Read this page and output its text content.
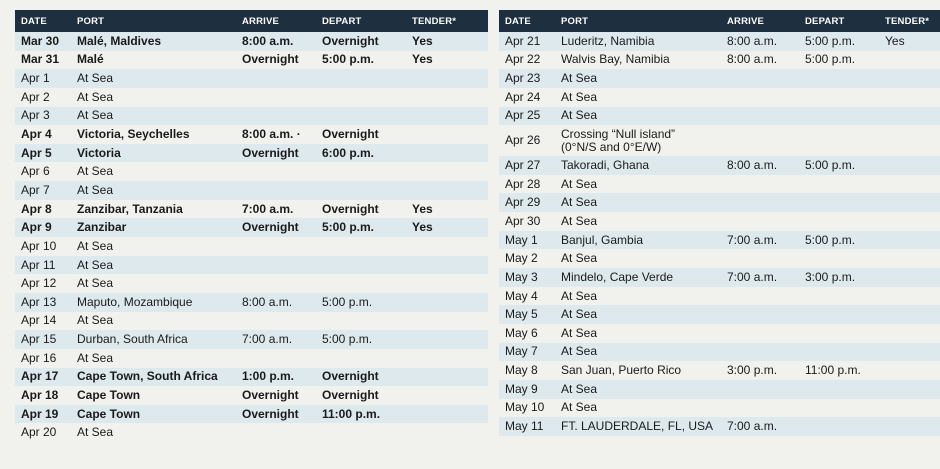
DATE	PORT	ARRIVE	DEPART	TENDER*
Mar 30	Malé, Maldives	8:00 a.m.	Overnight	Yes
Mar 31	Malé	Overnight	5:00 p.m.	Yes
Apr 1	At Sea			
Apr 2	At Sea			
Apr 3	At Sea			
Apr 4	Victoria, Seychelles	8:00 a.m. ·	Overnight	
Apr 5	Victoria	Overnight	6:00 p.m.	
Apr 6	At Sea			
Apr 7	At Sea			
Apr 8	Zanzibar, Tanzania	7:00 a.m.	Overnight	Yes
Apr 9	Zanzibar	Overnight	5:00 p.m.	Yes
Apr 10	At Sea			
Apr 11	At Sea			
Apr 12	At Sea			
Apr 13	Maputo, Mozambique	8:00 a.m.	5:00 p.m.	
Apr 14	At Sea			
Apr 15	Durban, South Africa	7:00 a.m.	5:00 p.m.	
Apr 16	At Sea			
Apr 17	Cape Town, South Africa	1:00 p.m.	Overnight	
Apr 18	Cape Town	Overnight	Overnight	
Apr 19	Cape Town	Overnight	11:00 p.m.	
Apr 20	At Sea			
DATE	PORT	ARRIVE	DEPART	TENDER*
Apr 21	Luderitz, Namibia	8:00 a.m.	5:00 p.m.	Yes
Apr 22	Walvis Bay, Namibia	8:00 a.m.	5:00 p.m.	
Apr 23	At Sea			
Apr 24	At Sea			
Apr 25	At Sea			
Apr 26	Crossing “Null island”
(0°N/S and 0°E/W)			

Apr 27	Takoradi, Ghana	8:00 a.m.	5:00 p.m.	
Apr 28	At Sea			
Apr 29	At Sea			
Apr 30	At Sea			
May 1	Banjul, Gambia	7:00 a.m.	5:00 p.m.	
May 2	At Sea			
May 3	Mindelo, Cape Verde	7:00 a.m.	3:00 p.m.	
May 4	At Sea			
May 5	At Sea			
May 6	At Sea			
May 7	At Sea			
May 8	San Juan, Puerto Rico	3:00 p.m.	11:00 p.m.	
May 9	At Sea			
May 10	At Sea			
May 11	FT. LAUDERDALE, FL, USA	7:00 a.m.		
